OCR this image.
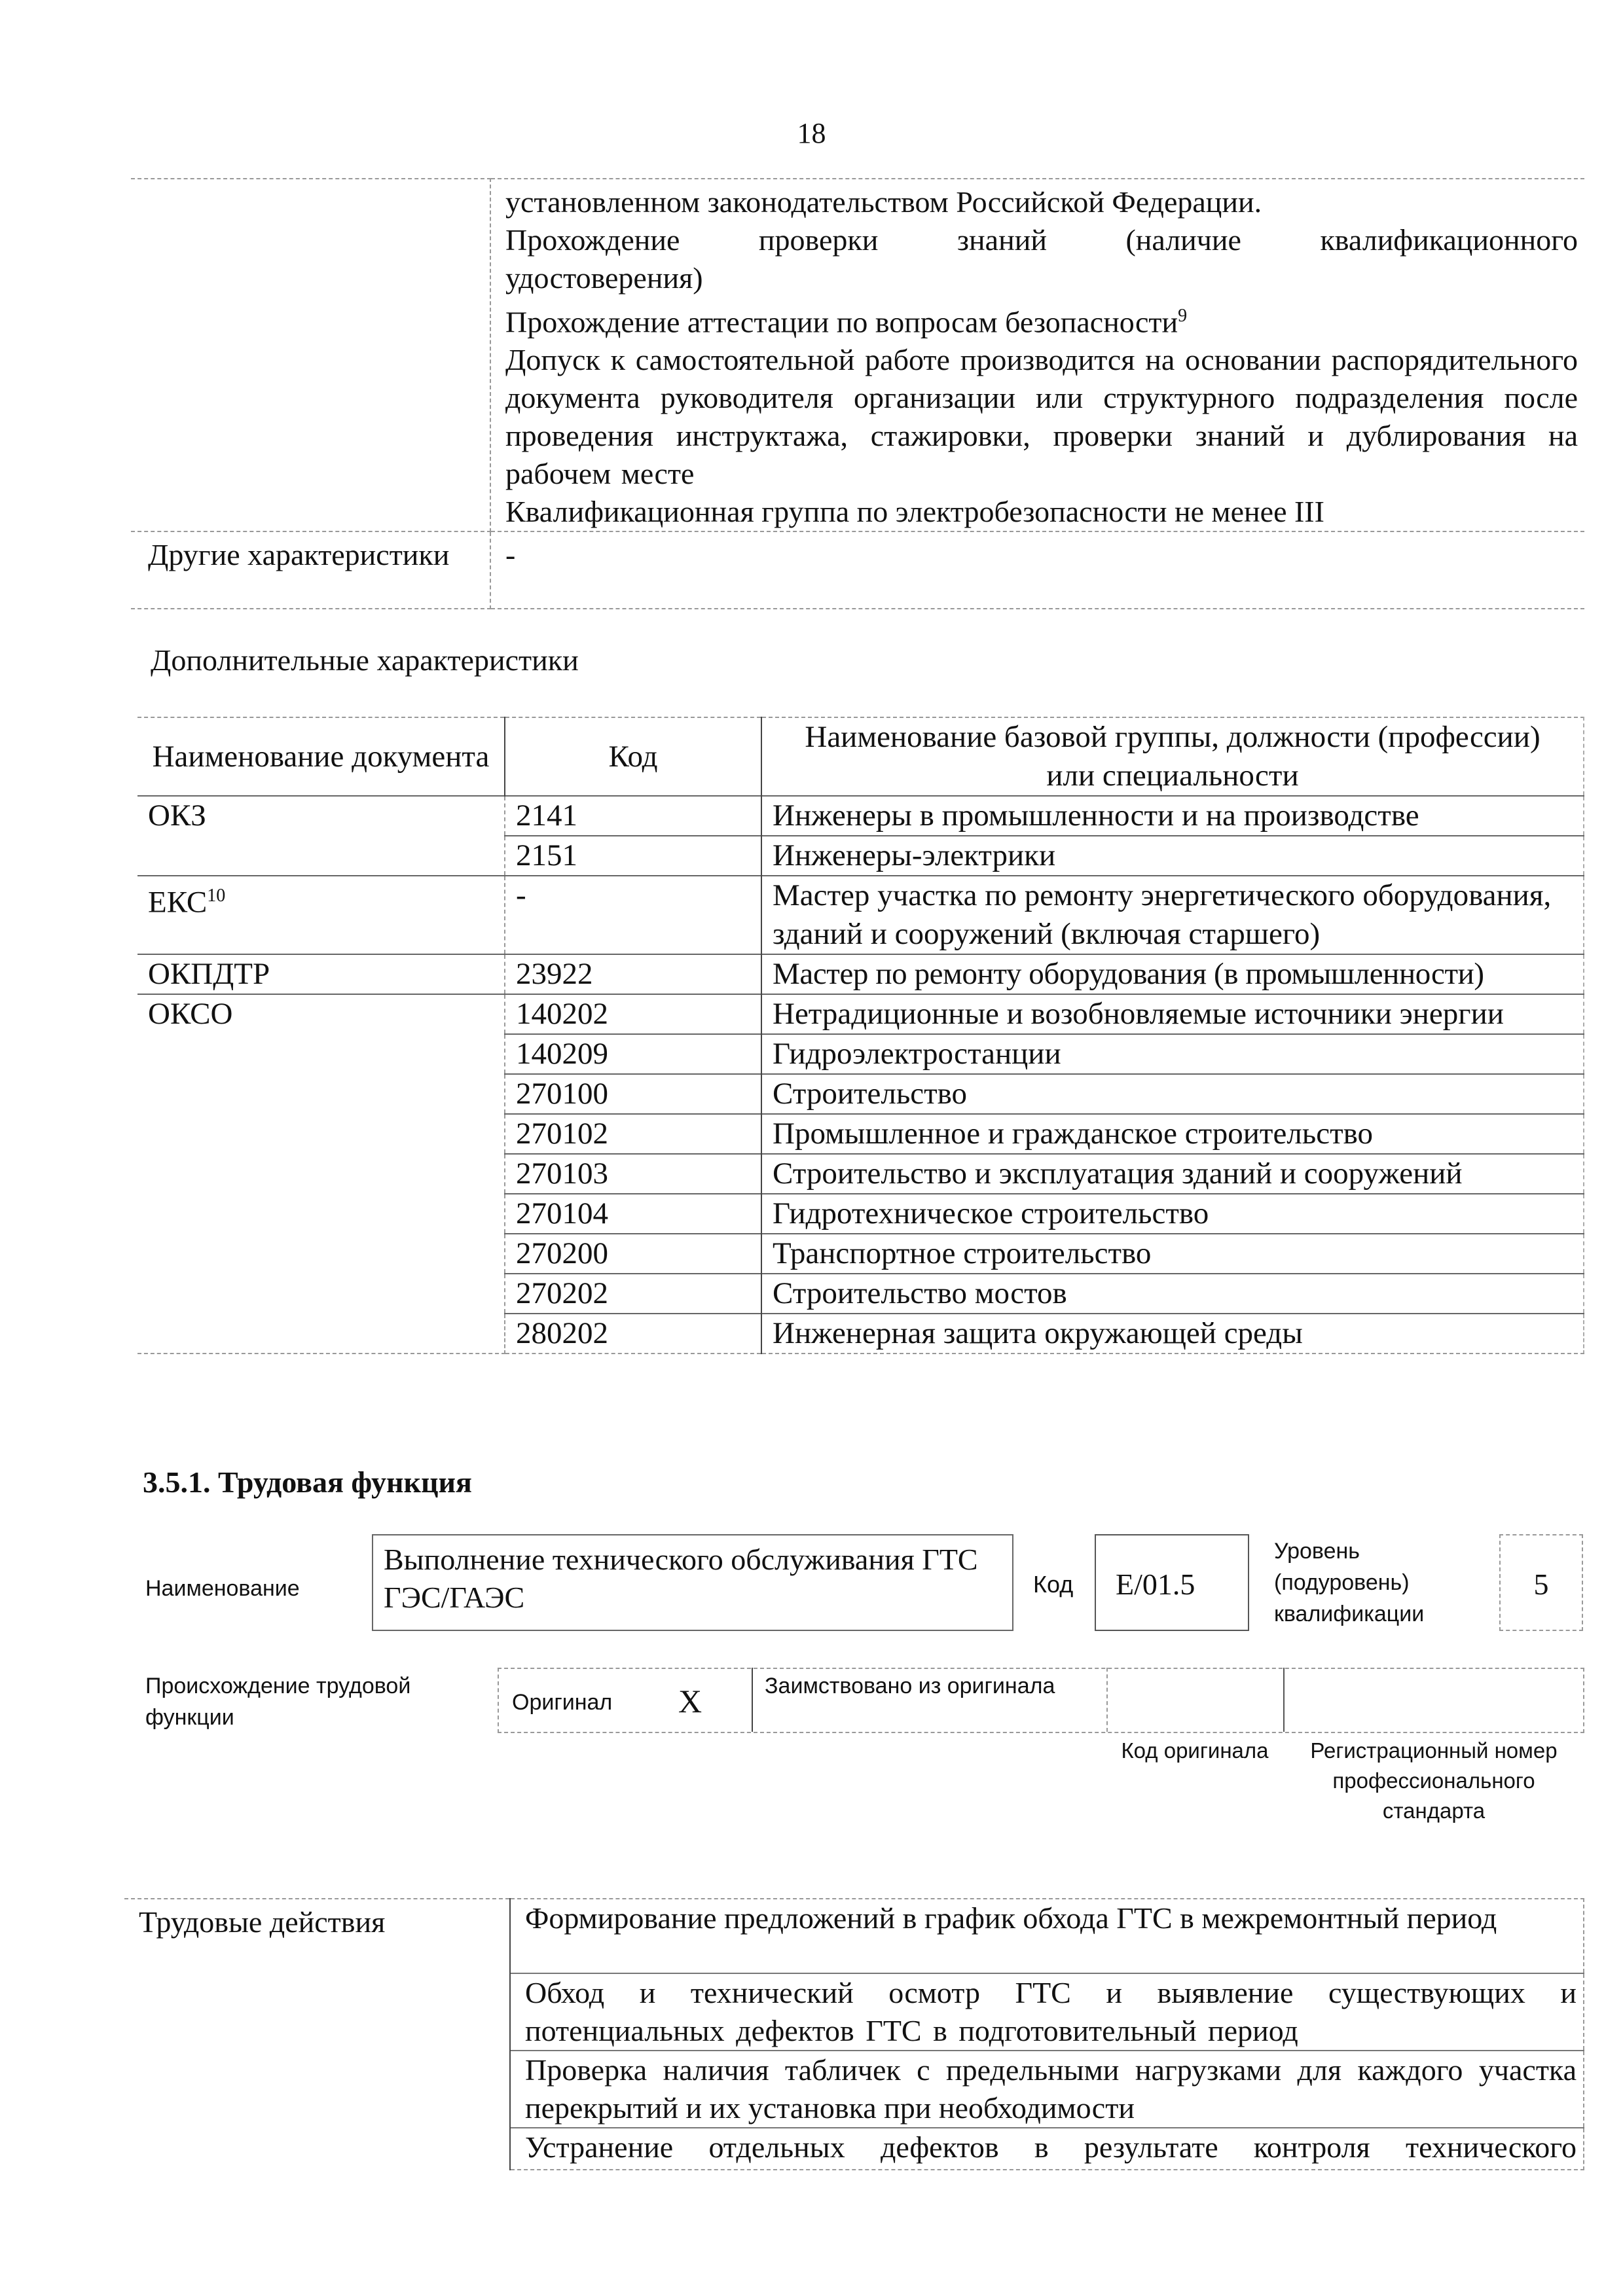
18

	установленном законодательством Российской Федерации.
Прохождение проверки знаний (наличие квалификационного удостоверения)
Прохождение аттестации по вопросам безопасности$^9$
Допуск к самостоятельной работе производится на основании распорядительного документа руководителя организации или структурного подразделения после проведения инструктажа, стажировки, проверки знаний и дублирования на рабочем месте
Квалификационная группа по электробезопасности не менее III

Другие характеристики	-
Дополнительные характеристики
Наименование документа	Код	Наименование базовой группы, должности (профессии) или специальности
ОКЗ	2141	Инженеры в промышленности и на производстве
	2151	Инженеры-электрики
ЕКС$^{10}$	-	Мастер участка по ремонту энергетического оборудования, зданий и сооружений (включая старшего)
ОКПДТР	23922	Мастер по ремонту оборудования (в промышленности)
ОКСО	140202	Нетрадиционные и возобновляемые источники энергии
	140209	Гидроэлектростанции
	270100	Строительство
	270102	Промышленное и гражданское строительство
	270103	Строительство и эксплуатация зданий и сооружений
	270104	Гидротехническое строительство
	270200	Транспортное строительство
	270202	Строительство мостов
	280202	Инженерная защита окружающей среды
3.5.1. Трудовая функция
Наименование
Выполнение технического обслуживания ГТС ГЭС/ГАЭС	Код	E/01.5
Уровень (подуровень) квалификации
5
Происхождение трудовой функции
Оригинал X	Заимствовано из оригинала
Код оригинала	Регистрационный номер профессионального стандарта
Трудовые действия	Формирование предложений в график обхода ГТС в межремонтный период
Обход и технический осмотр ГТС и выявление существующих и потенциальных дефектов ГТС в подготовительный период
Проверка наличия табличек с предельными нагрузками для каждого участка перекрытий и их установка при необходимости
Устранение отдельных дефектов в результате контроля технического
